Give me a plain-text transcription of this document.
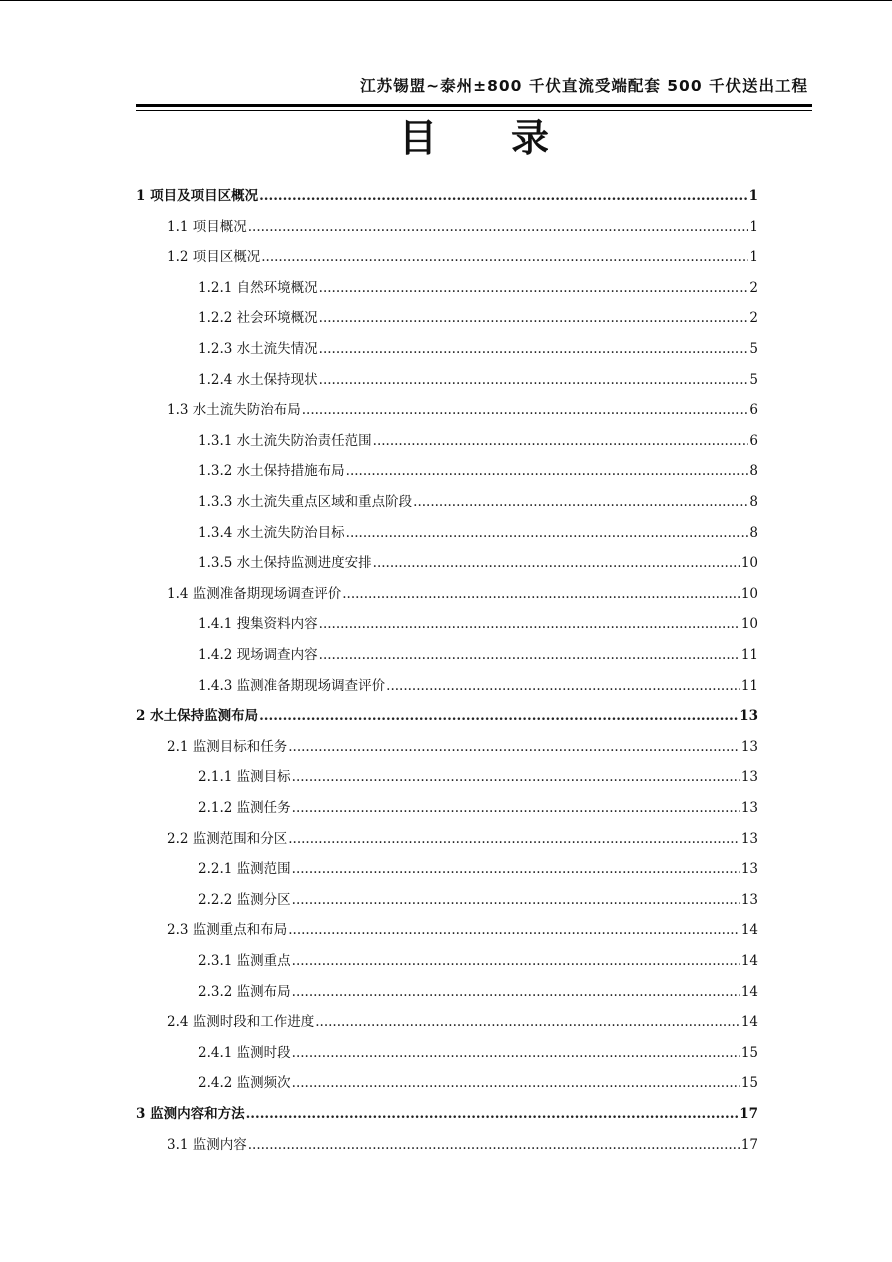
江苏锡盟~泰州±800 千伏直流受端配套 500 千伏送出工程
目录
1 项目及项目区概况 .....	1
1.1 项目概况 .....	1
1.2 项目区概况 .....	1
1.2.1 自然环境概况 .....	2
1.2.2 社会环境概况 .....	2
1.2.3 水土流失情况 .....	5
1.2.4 水土保持现状 .....	5
1.3 水土流失防治布局 .....	6
1.3.1 水土流失防治责任范围 .....	6
1.3.2 水土保持措施布局 .....	8
1.3.3 水土流失重点区域和重点阶段 .....	8
1.3.4 水土流失防治目标 .....	8
1.3.5 水土保持监测进度安排 .....	10
1.4 监测准备期现场调查评价 .....	10
1.4.1 搜集资料内容 .....	10
1.4.2 现场调查内容 .....	11
1.4.3 监测准备期现场调查评价 .....	11
2 水土保持监测布局 .....	13
2.1 监测目标和任务 .....	13
2.1.1 监测目标 .....	13
2.1.2 监测任务 .....	13
2.2 监测范围和分区 .....	13
2.2.1 监测范围 .....	13
2.2.2 监测分区 .....	13
2.3 监测重点和布局 .....	14
2.3.1 监测重点 .....	14
2.3.2 监测布局 .....	14
2.4 监测时段和工作进度 .....	14
2.4.1 监测时段 .....	15
2.4.2 监测频次 .....	15
3 监测内容和方法 .....	17
3.1 监测内容 .....	17
